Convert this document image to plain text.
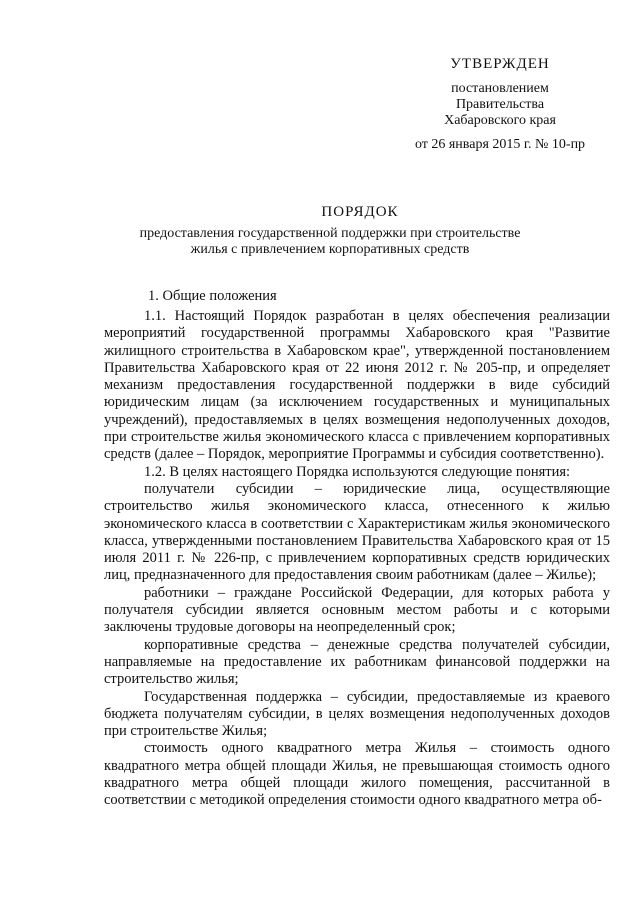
УТВЕРЖДЕН
постановлением
Правительства
Хабаровского края
от 26 января 2015 г. № 10-пр
ПОРЯДОК
предоставления государственной поддержки при строительстве
жилья с привлечением корпоративных средств
1. Общие положения

1.1. Настоящий Порядок разработан в целях обеспечения реализации мероприятий государственной программы Хабаровского края "Развитие жилищного строительства в Хабаровском крае", утвержденной постановлением Правительства Хабаровского края от 22 июня 2012 г. № 205-пр, и определяет механизм предоставления государственной поддержки в виде субсидий юридическим лицам (за исключением государственных и муниципальных учреждений), предоставляемых в целях возмещения недополученных доходов, при строительстве жилья экономического класса с привлечением корпоративных средств (далее – Порядок, мероприятие Программы и субсидия соответственно).

1.2. В целях настоящего Порядка используются следующие понятия:

получатели субсидии – юридические лица, осуществляющие строительство жилья экономического класса, отнесенного к жилью экономического класса в соответствии с Характеристикам жилья экономического класса, утвержденными постановлением Правительства Хабаровского края от 15 июля 2011 г. № 226-пр, с привлечением корпоративных средств юридических лиц, предназначенного для предоставления своим работникам (далее – Жилье);

работники – граждане Российской Федерации, для которых работа у получателя субсидии является основным местом работы и с которыми заключены трудовые договоры на неопределенный срок;

корпоративные средства – денежные средства получателей субсидии, направляемые на предоставление их работникам финансовой поддержки на строительство жилья;

Государственная поддержка – субсидии, предоставляемые из краевого бюджета получателям субсидии, в целях возмещения недополученных доходов при строительстве Жилья;

стоимость одного квадратного метра Жилья – стоимость одного квадратного метра общей площади Жилья, не превышающая стоимость одного квадратного метра общей площади жилого помещения, рассчитанной в соответствии с методикой определения стоимости одного квадратного метра об-
